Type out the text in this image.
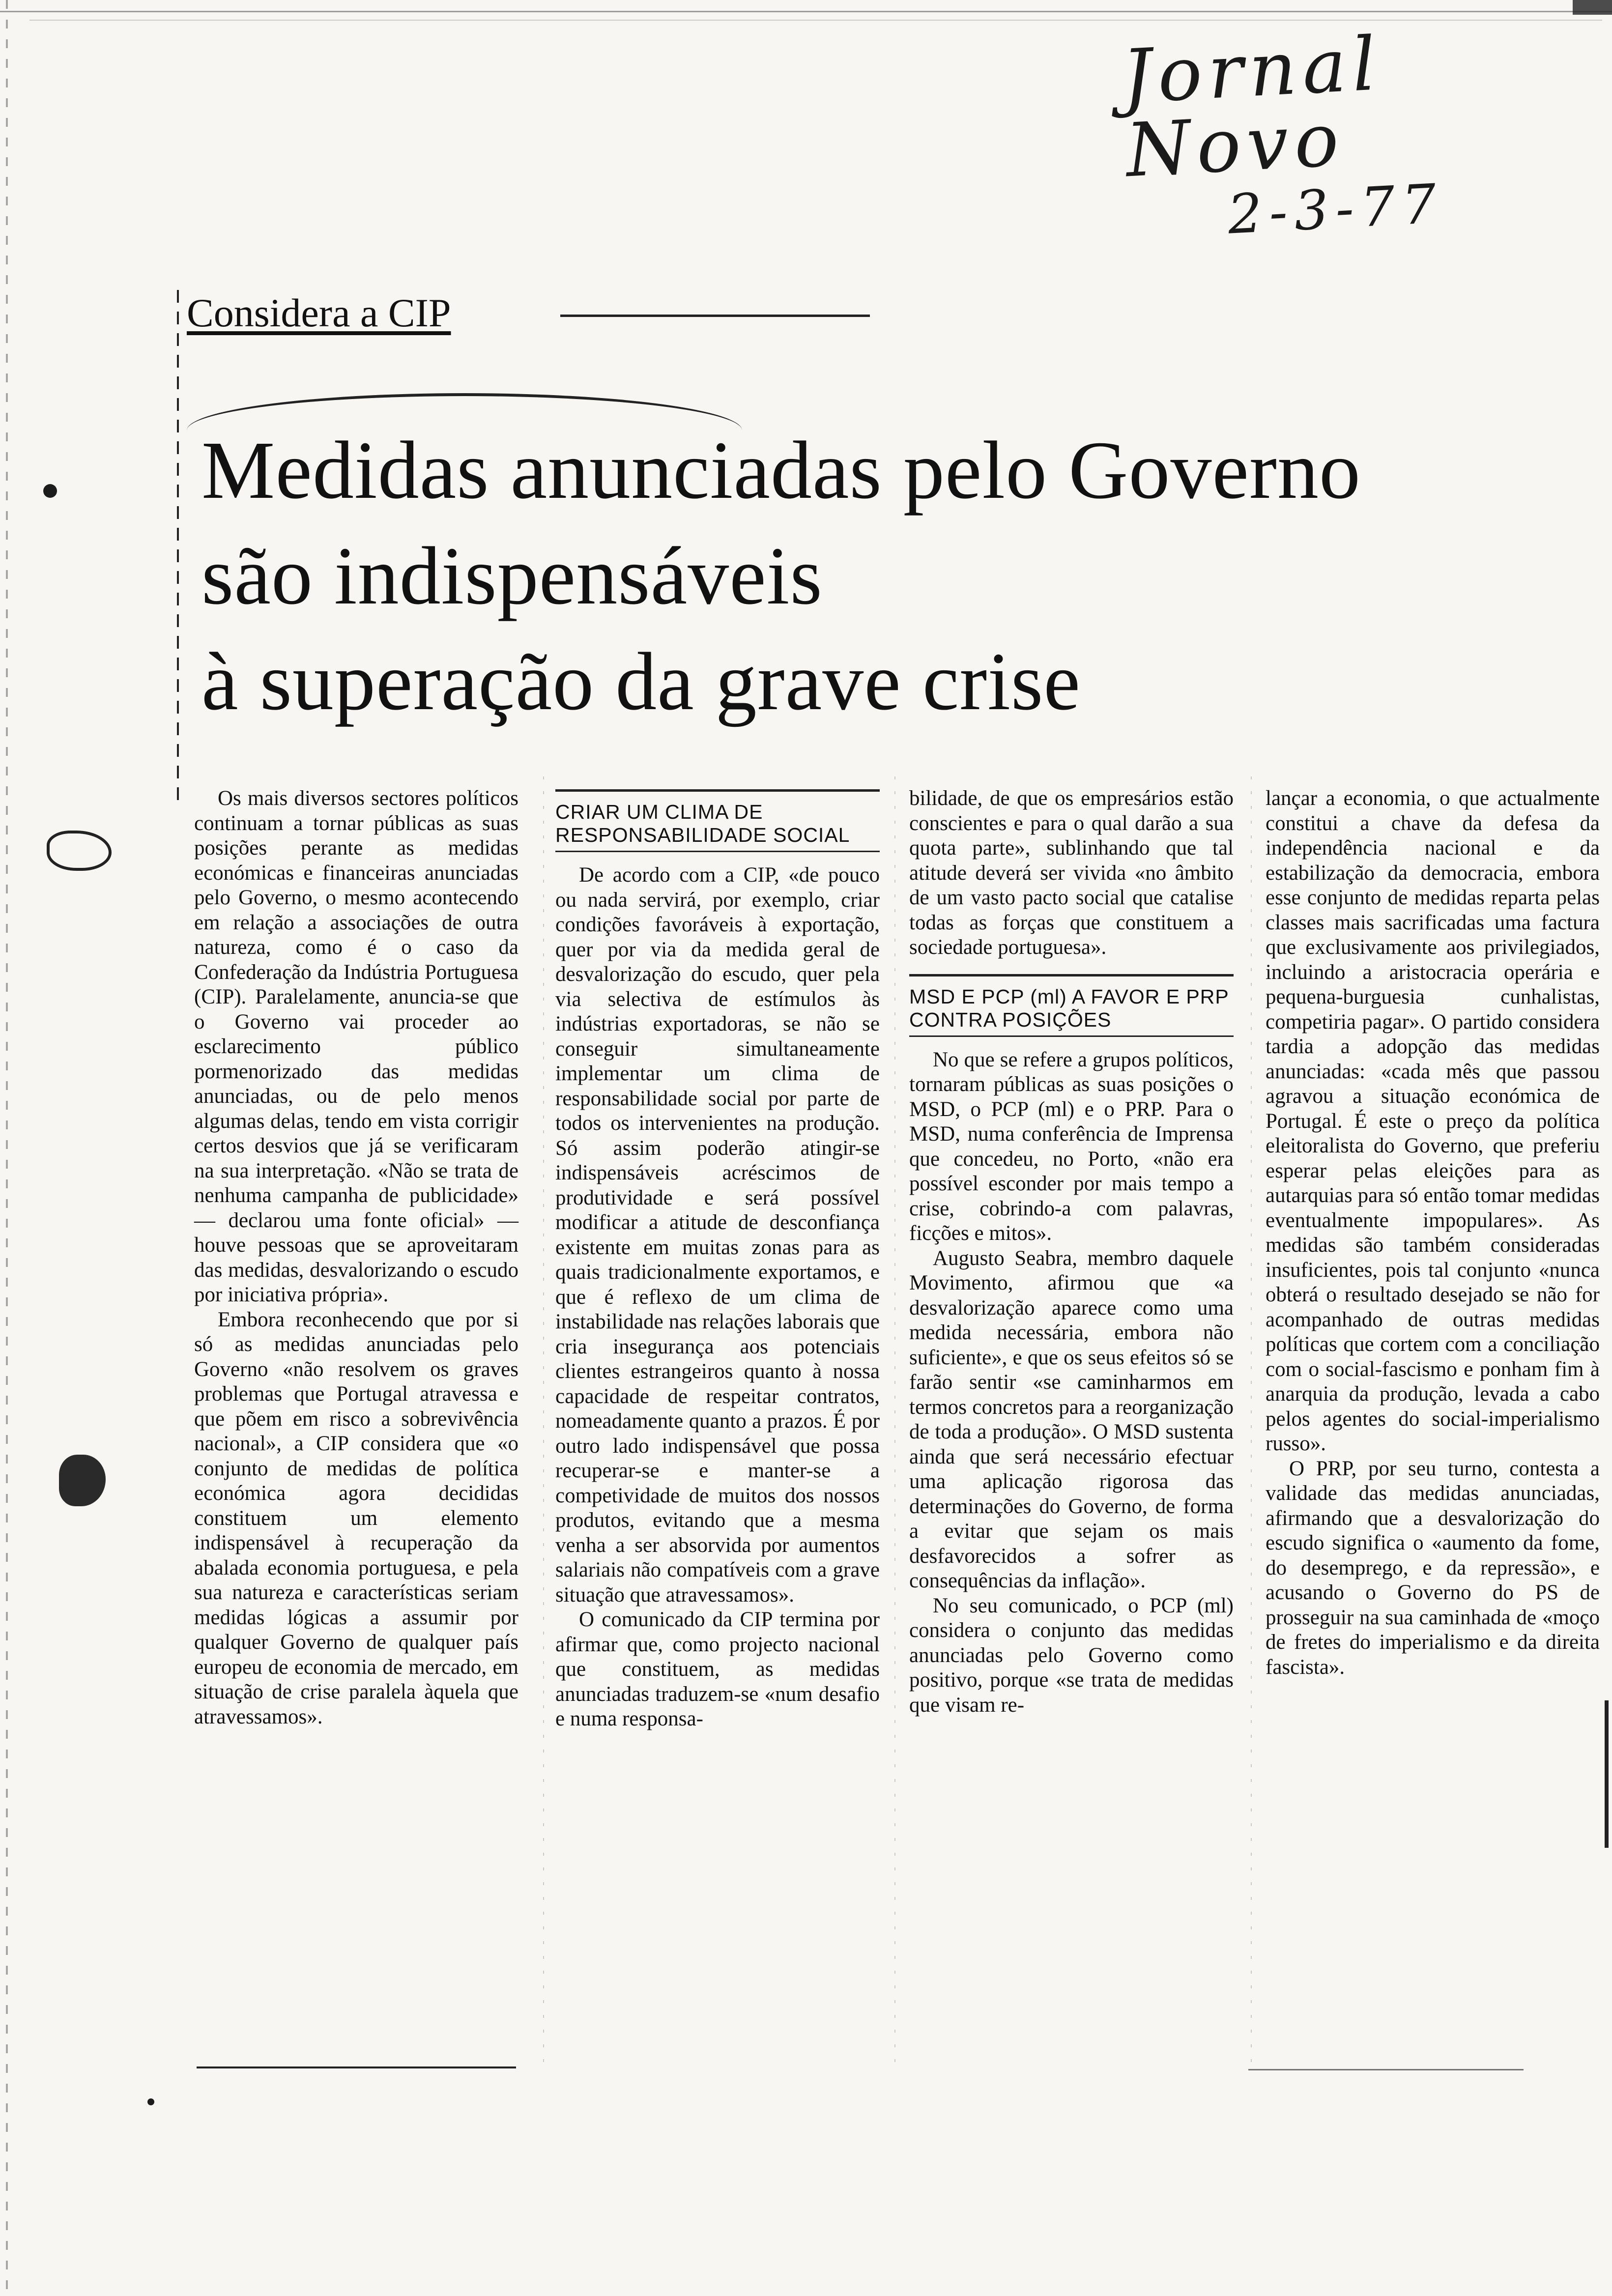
Jornal Novo
2-3-77
Considera a CIP
Medidas anunciadas pelo Governo
são indispensáveis
à superação da grave crise

Os mais diversos sectores políticos continuam a tornar públicas as suas posições perante as medidas económicas e financeiras anunciadas pelo Governo, o mesmo acontecendo em relação a associações de outra natureza, como é o caso da Confederação da Indústria Portuguesa (CIP). Paralelamente, anuncia-se que o Governo vai proceder ao esclarecimento público pormenorizado das medidas anunciadas, ou de pelo menos algumas delas, tendo em vista corrigir certos desvios que já se verificaram na sua interpretação. «Não se trata de nenhuma campanha de publicidade» — declarou uma fonte oficial» — houve pessoas que se aproveitaram das medidas, desvalorizando o escudo por iniciativa própria».

Embora reconhecendo que por si só as medidas anunciadas pelo Governo «não resolvem os graves problemas que Portugal atravessa e que põem em risco a sobrevivência nacional», a CIP considera que «o conjunto de medidas de política económica agora decididas constituem um elemento indispensável à recuperação da abalada economia portuguesa, e pela sua natureza e características seriam medidas lógicas a assumir por qualquer Governo de qualquer país europeu de economia de mercado, em situação de crise paralela àquela que atravessamos».

CRIAR UM CLIMA DE RESPONSABILIDADE SOCIAL

De acordo com a CIP, «de pouco ou nada servirá, por exemplo, criar condições favoráveis à exportação, quer por via da medida geral de desvalorização do escudo, quer pela via selectiva de estímulos às indústrias exportadoras, se não se conseguir simultaneamente implementar um clima de responsabilidade social por parte de todos os intervenientes na produção. Só assim poderão atingir-se indispensáveis acréscimos de produtividade e será possível modificar a atitude de desconfiança existente em muitas zonas para as quais tradicionalmente exportamos, e que é reflexo de um clima de instabilidade nas relações laborais que cria insegurança aos potenciais clientes estrangeiros quanto à nossa capacidade de respeitar contratos, nomeadamente quanto a prazos. É por outro lado indispensável que possa recuperar-se e manter-se a competividade de muitos dos nossos produtos, evitando que a mesma venha a ser absorvida por aumentos salariais não compatíveis com a grave situação que atravessamos».

O comunicado da CIP termina por afirmar que, como projecto nacional que constituem, as medidas anunciadas traduzem-se «num desafio e numa responsa-

bilidade, de que os empresários estão conscientes e para o qual darão a sua quota parte», sublinhando que tal atitude deverá ser vivida «no âmbito de um vasto pacto social que catalise todas as forças que constituem a sociedade portuguesa».

MSD E PCP (ml) A FAVOR E PRP CONTRA POSIÇÕES

No que se refere a grupos políticos, tornaram públicas as suas posições o MSD, o PCP (ml) e o PRP. Para o MSD, numa conferência de Imprensa que concedeu, no Porto, «não era possível esconder por mais tempo a crise, cobrindo-a com palavras, ficções e mitos».

Augusto Seabra, membro daquele Movimento, afirmou que «a desvalorização aparece como uma medida necessária, embora não suficiente», e que os seus efeitos só se farão sentir «se caminharmos em termos concretos para a reorganização de toda a produção». O MSD sustenta ainda que será necessário efectuar uma aplicação rigorosa das determinações do Governo, de forma a evitar que sejam os mais desfavorecidos a sofrer as consequências da inflação».

No seu comunicado, o PCP (ml) considera o conjunto das medidas anunciadas pelo Governo como positivo, porque «se trata de medidas que visam re-

lançar a economia, o que actualmente constitui a chave da defesa da independência nacional e da estabilização da democracia, embora esse conjunto de medidas reparta pelas classes mais sacrificadas uma factura que exclusivamente aos privilegiados, incluindo a aristocracia operária e pequena-burguesia cunhalistas, competiria pagar». O partido considera tardia a adopção das medidas anunciadas: «cada mês que passou agravou a situação económica de Portugal. É este o preço da política eleitoralista do Governo, que preferiu esperar pelas eleições para as autarquias para só então tomar medidas eventualmente impopulares». As medidas são também consideradas insuficientes, pois tal conjunto «nunca obterá o resultado desejado se não for acompanhado de outras medidas políticas que cortem com a conciliação com o social-fascismo e ponham fim à anarquia da produção, levada a cabo pelos agentes do social-imperialismo russo».

O PRP, por seu turno, contesta a validade das medidas anunciadas, afirmando que a desvalorização do escudo significa o «aumento da fome, do desemprego, e da repressão», e acusando o Governo do PS de prosseguir na sua caminhada de «moço de fretes do imperialismo e da direita fascista».
